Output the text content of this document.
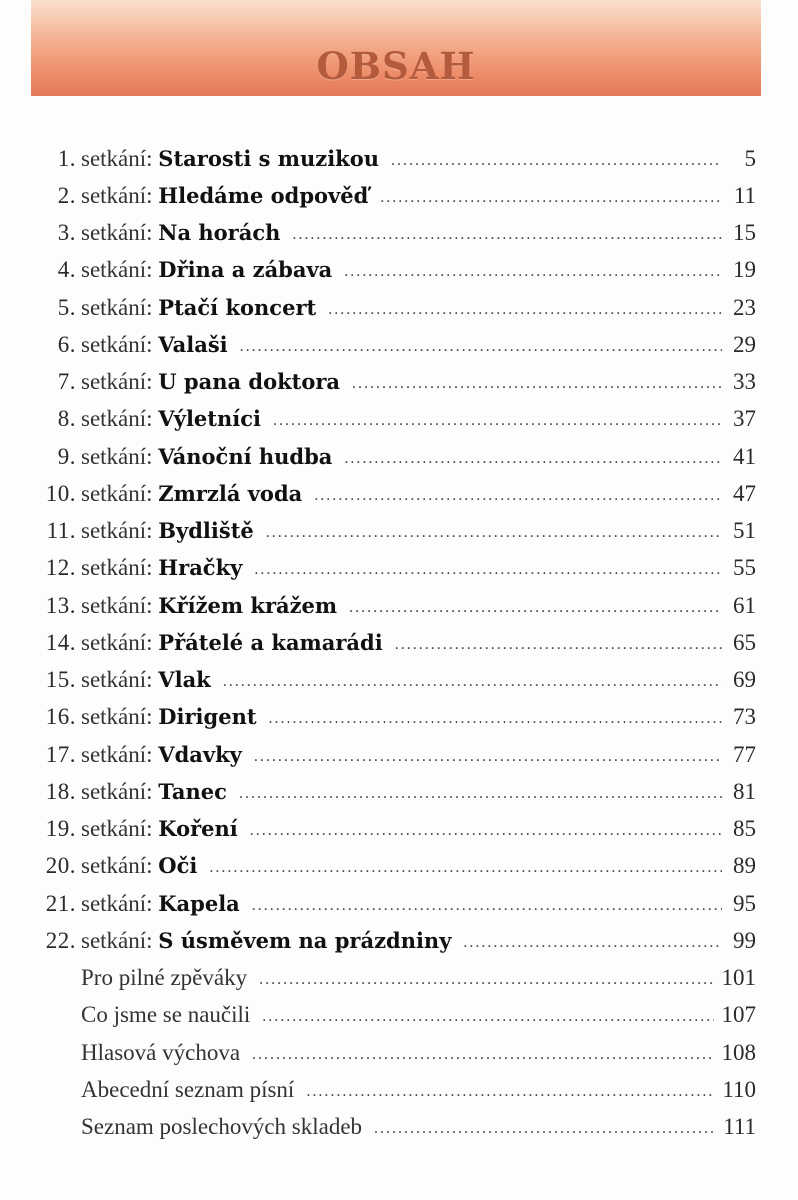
OBSAH
1. setkání: Starosti s muzikou .....	5
2. setkání: Hledáme odpověď .....	11
3. setkání: Na horách .....	15
4. setkání: Dřina a zábava .....	19
5. setkání: Ptačí koncert .....	23
6. setkání: Valaši .....	29
7. setkání: U pana doktora .....	33
8. setkání: Výletníci .....	37
9. setkání: Vánoční hudba .....	41
10. setkání: Zmrzlá voda .....	47
11. setkání: Bydliště .....	51
12. setkání: Hračky .....	55
13. setkání: Křížem krážem .....	61
14. setkání: Přátelé a kamarádi .....	65
15. setkání: Vlak .....	69
16. setkání: Dirigent .....	73
17. setkání: Vdavky .....	77
18. setkání: Tanec .....	81
19. setkání: Koření .....	85
20. setkání: Oči .....	89
21. setkání: Kapela .....	95
22. setkání: S úsměvem na prázdniny .....	99
Pro pilné zpěváky .....	101
Co jsme se naučili .....	107
Hlasová výchova .....	108
Abecední seznam písní .....	110
Seznam poslechových skladeb .....	111
